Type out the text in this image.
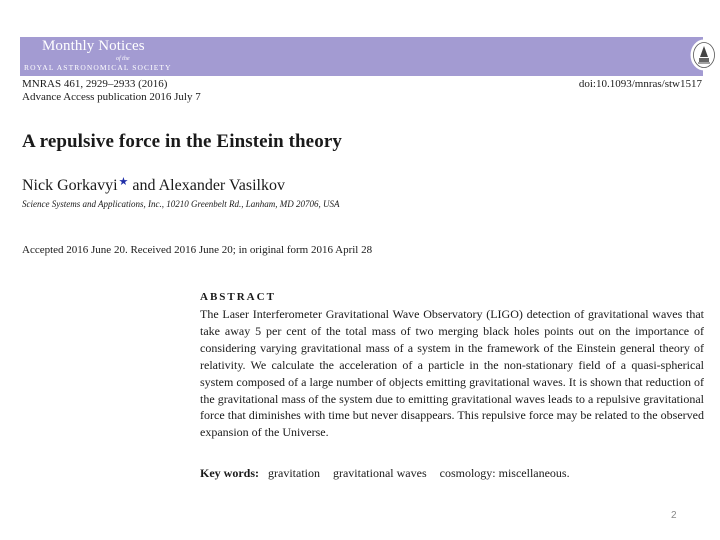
Monthly Notices
of the
ROYAL ASTRONOMICAL SOCIETY
MNRAS 461, 2929–2933 (2016)
Advance Access publication 2016 July 7
doi:10.1093/mnras/stw1517
A repulsive force in the Einstein theory
Nick Gorkavyi★ and Alexander Vasilkov
Science Systems and Applications, Inc., 10210 Greenbelt Rd., Lanham, MD 20706, USA
Accepted 2016 June 20. Received 2016 June 20; in original form 2016 April 28
ABSTRACT
The Laser Interferometer Gravitational Wave Observatory (LIGO) detection of gravitational waves that take away 5 per cent of the total mass of two merging black holes points out on the importance of considering varying gravitational mass of a system in the framework of the Einstein general theory of relativity. We calculate the acceleration of a particle in the non-stationary field of a quasi-spherical system composed of a large number of objects emitting gravitational waves. It is shown that reduction of the gravitational mass of the system due to emitting gravitational waves leads to a repulsive gravitational force that diminishes with time but never disappears. This repulsive force may be related to the observed expansion of the Universe.
Key words: gravitation gravitational waves cosmology: miscellaneous.
2
